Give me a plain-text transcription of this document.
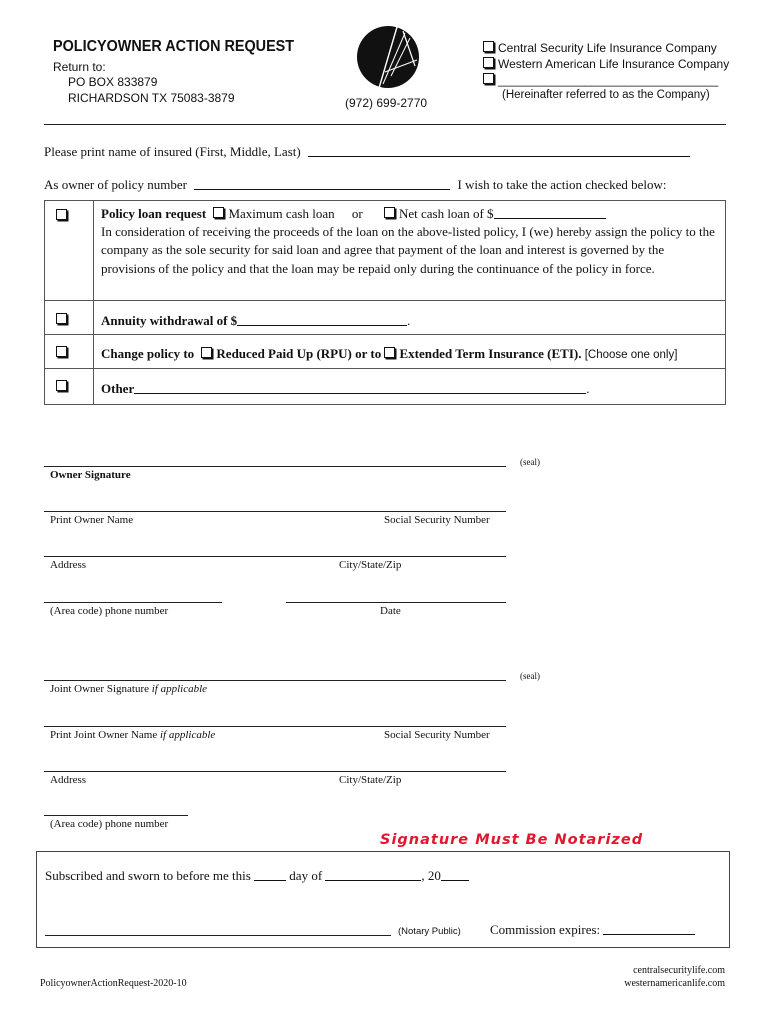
POLICYOWNER ACTION REQUEST
Return to:
PO BOX 833879
RICHARDSON TX 75083-3879	(972) 699-2770
Central Security Life Insurance Company
Western American Life Insurance Company
_________________________________
(Hereinafter referred to as the Company)
Please print name of insured (First, Middle, Last)
As owner of policy number	I wish to take the action checked below:
Policy loan request Maximum cash loan or	Net cash loan of $
In consideration of receiving the proceeds of the loan on the above-listed policy, I (we) hereby assign the policy to the company as the sole security for said loan and agree that payment of the loan and interest is governed by the provisions of the policy and that the loan may be repaid only during the continuance of the policy in force.
Annuity withdrawal of $	.
Change policy to Reduced Paid Up (RPU) or to Extended Term Insurance (ETI). [Choose one only]
Other	.
(seal)
Owner Signature
Print Owner Name	Social Security Number
Address	City/State/Zip
(Area code) phone number	Date
(seal)
Joint Owner Signature if applicable
Print Joint Owner Name if applicable	Social Security Number
Address	City/State/Zip
(Area code) phone number
Signature Must Be Notarized
Subscribed and sworn to before me this	day of	, 20
(Notary Public) Commission expires:
PolicyownerActionRequest-2020-10
centralsecuritylife.com
westernamericanlife.com
